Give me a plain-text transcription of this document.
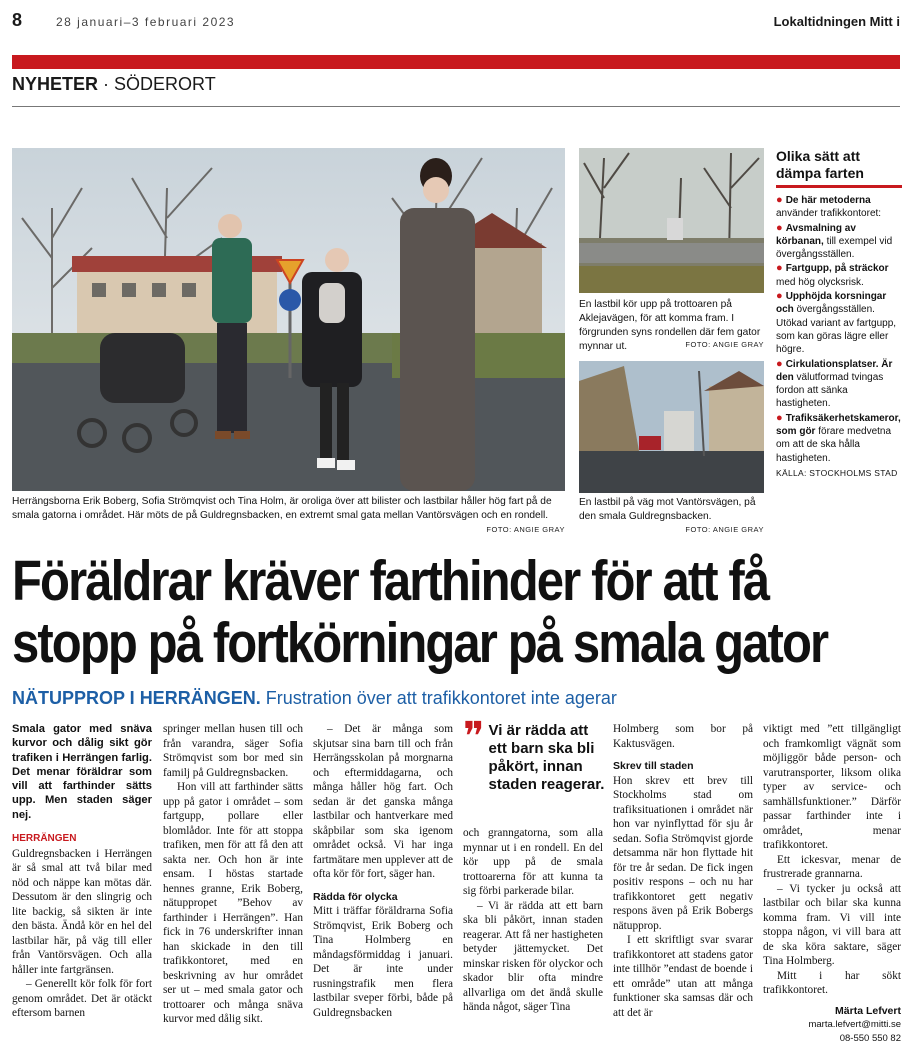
8	28 januari–3 februari 2023	Lokaltidningen Mitt i
NYHETER · SÖDERORT
Herrängsborna Erik Boberg, Sofia Strömqvist och Tina Holm, är oroliga över att bilister och lastbilar håller hög fart på de smala gatorna i området. Här möts de på Guldregnsbacken, en extremt smal gata mellan Vantörsvägen och en rondell.
FOTO: ANGIE GRAY
En lastbil kör upp på trottoaren på Aklejavägen, för att komma fram. I förgrunden syns rondellen där fem gator mynnar ut.	FOTO: ANGIE GRAY
En lastbil på väg mot Vantörsvägen, på den smala Guldregnsbacken.
FOTO: ANGIE GRAY
Olika sätt att dämpa farten
● De här metoderna använder trafikkontoret:
● Avsmalning av körbanan, till exempel vid övergångsställen.
● Fartgupp, på sträckor med hög olycksrisk.
● Upphöjda korsningar och övergångsställen. Utökad variant av fartgupp, som kan göras lägre eller högre.
● Cirkulationsplatser. Är den välutformad tvingas fordon att sänka hastigheten.
● Trafiksäkerhetskameror, som gör förare medvetna om att de ska hålla hastigheten.
KÄLLA: STOCKHOLMS STAD
Föräldrar kräver farthinder för att få
stopp på fortkörningar på smala gator
NÄTUPPROP I HERRÄNGEN. Frustration över att trafikkontoret inte agerar

Smala gator med snäva kurvor och dålig sikt gör trafiken i Herrängen farlig. Det menar föräldrar som vill att farthinder sätts upp. Men staden säger nej.

HERRÄNGEN

Guldregnsbacken i Herrängen är så smal att två bilar med nöd och näppe kan mötas där. Dessutom är den slingrig och lite backig, så sikten är inte den bästa. Ändå kör en hel del lastbilar här, på väg till eller från Vantörsvägen. Och alla håller inte fartgränsen.

– Generellt kör folk för fort genom området. Det är otäckt eftersom barnen

springer mellan husen till och från varandra, säger Sofia Strömqvist som bor med sin familj på Guldregnsbacken.

Hon vill att farthinder sätts upp på gator i området – som fartgupp, pollare eller blomlådor. Inte för att stoppa trafiken, men för att få den att sakta ner. Och hon är inte ensam. I höstas startade hennes granne, Erik Boberg, nätuppropet ”Behov av farthinder i Herrängen”. Han fick in 76 underskrifter innan han skickade in den till trafikkontoret, med en beskrivning av hur området ser ut – med smala gator och trottoarer och många snäva kurvor med dålig sikt.

– Det är många som skjutsar sina barn till och från Herrängsskolan på morgnarna och eftermiddagarna, och många håller hög fart. Och sedan är det ganska många lastbilar och hantverkare med skåpbilar som ska igenom området också. Vi har inga fartmätare men upplever att de ofta kör för fort, säger han.

Rädda för olycka

Mitt i träffar föräldrarna Sofia Strömqvist, Erik Boberg och Tina Holmberg en måndagsförmiddag i januari. Det är inte under rusningstrafik men flera lastbilar sveper förbi, både på Guldregnsbacken

❞ Vi är rädda att ett barn ska bli påkört, innan staden reagerar.

och granngatorna, som alla mynnar ut i en rondell. En del kör upp på de smala trottoarerna för att kunna ta sig förbi parkerade bilar.

– Vi är rädda att ett barn ska bli påkört, innan staden reagerar. Att få ner hastigheten betyder jättemycket. Det minskar risken för olyckor och skador blir ofta mindre allvarliga om det ändå skulle hända något, säger Tina

Holmberg som bor på Kaktusvägen.

Skrev till staden

Hon skrev ett brev till Stockholms stad om trafiksituationen i området när hon var nyinflyttad för sju år sedan. Sofia Strömqvist gjorde detsamma när hon flyttade hit för tre år sedan. De fick ingen positiv respons – och nu har trafikkontoret gett negativ respons även på Erik Bobergs nätupprop.

I ett skriftligt svar svarar trafikkontoret att stadens gator inte tillhör ”endast de boende i ett område” utan att många funktioner ska samsas där och att det är

viktigt med ”ett tillgängligt och framkomligt vägnät som möjliggör både person- och varutransporter, liksom olika typer av service- och samhällsfunktioner.” Därför passar farthinder inte i området, menar trafikkontoret.

Ett ickesvar, menar de frustrerade grannarna.

– Vi tycker ju också att lastbilar och bilar ska kunna komma fram. Vi vill inte stoppa någon, vi vill bara att de ska köra saktare, säger Tina Holmberg.

Mitt i har sökt trafikkontoret.

Märta Lefvert
marta.lefvert@mitti.se
08-550 550 82
